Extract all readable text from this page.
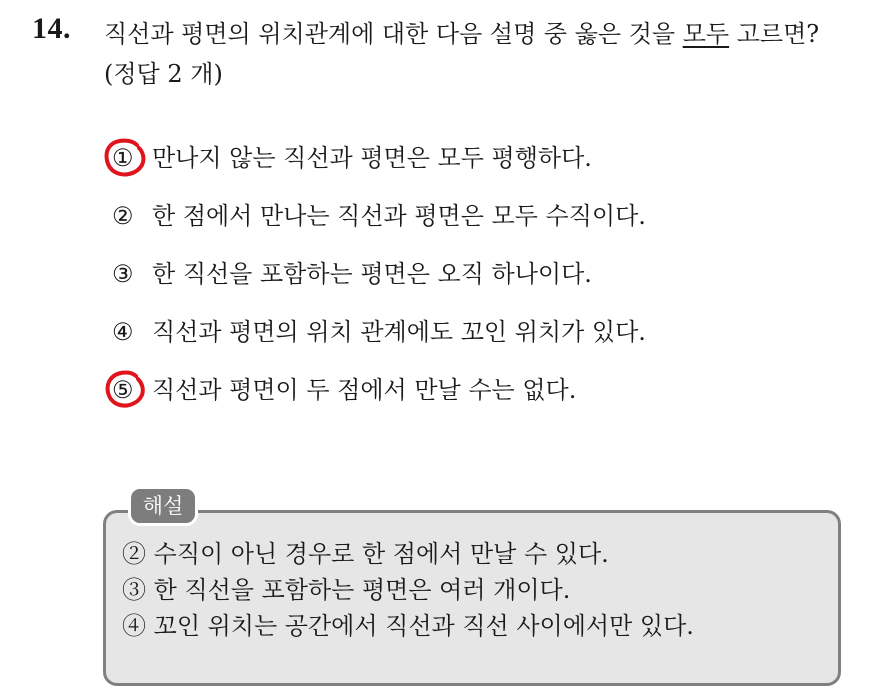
14. 직선과 평면의 위치관계에 대한 다음 설명 중 옳은 것을 모두 고르면?
(정답 2 개)
① 만나지 않는 직선과 평면은 모두 평행하다.
② 한 점에서 만나는 직선과 평면은 모두 수직이다.
③ 한 직선을 포함하는 평면은 오직 하나이다.
④ 직선과 평면의 위치 관계에도 꼬인 위치가 있다.
⑤ 직선과 평면이 두 점에서 만날 수는 없다.
해설
② 수직이 아닌 경우로 한 점에서 만날 수 있다.
③ 한 직선을 포함하는 평면은 여러 개이다.
④ 꼬인 위치는 공간에서 직선과 직선 사이에서만 있다.
